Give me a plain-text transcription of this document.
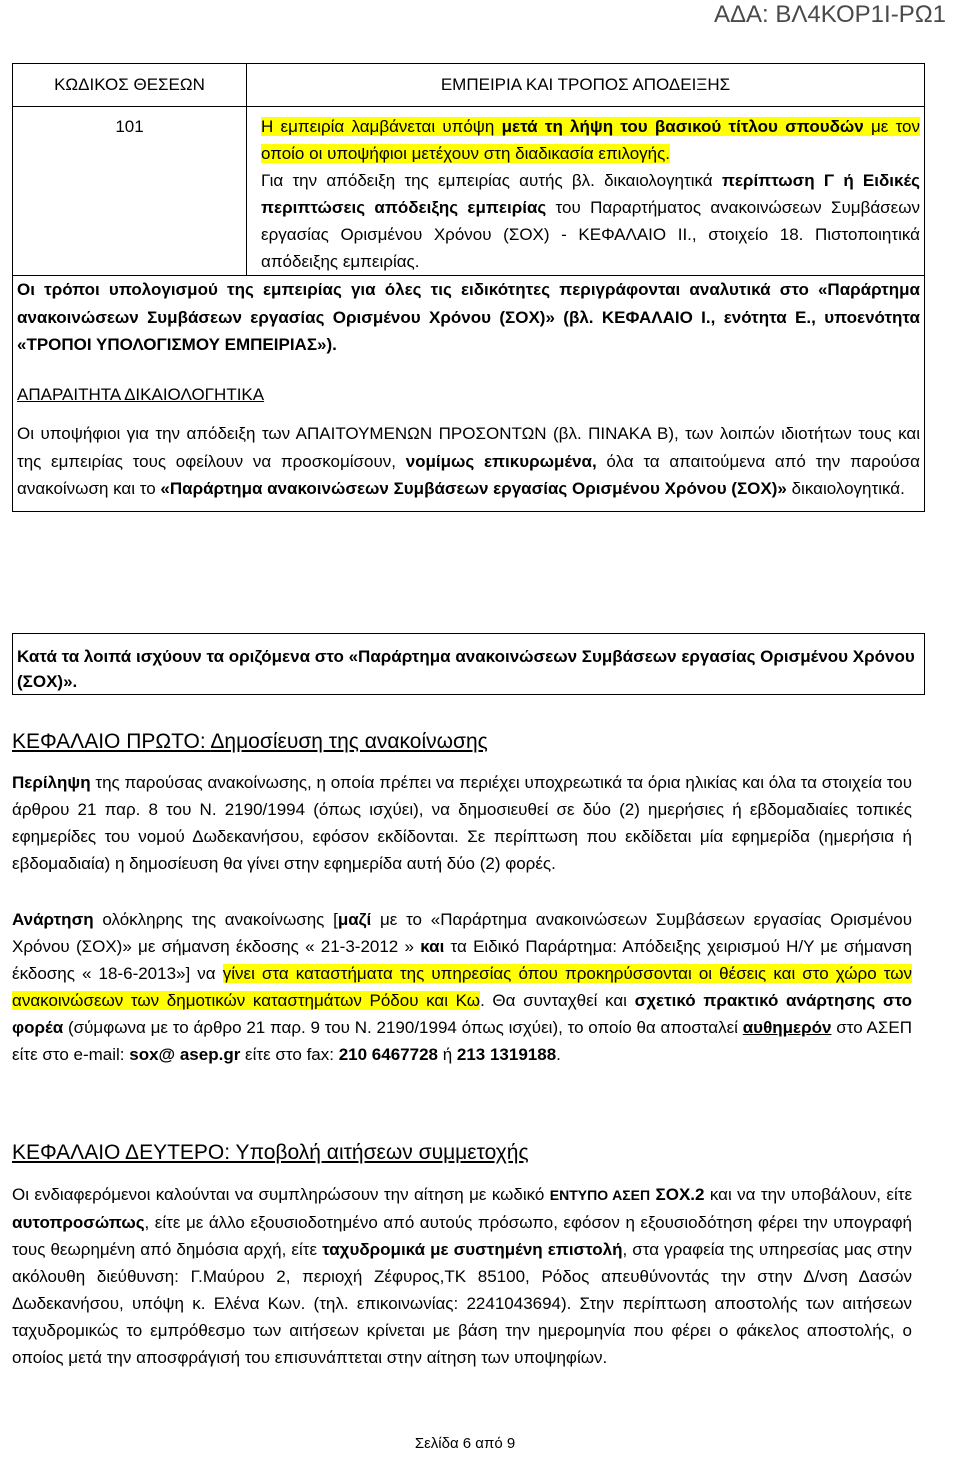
ΑΔΑ: ΒΛ4ΚΟΡ1Ι-ΡΩ1
ΚΩΔΙΚΟΣ ΘΕΣΕΩΝ	ΕΜΠΕΙΡΙΑ ΚΑΙ ΤΡΟΠΟΣ ΑΠΟΔΕΙΞΗΣ
101	Η εμπειρία λαμβάνεται υπόψη μετά τη λήψη του βασικού τίτλου σπουδών με τον οποίο οι υποψήφιοι μετέχουν στη διαδικασία επιλογής.

Για την απόδειξη της εμπειρίας αυτής βλ. δικαιολογητικά περίπτωση Γ ή Ειδικές περιπτώσεις απόδειξης εμπειρίας του Παραρτήματος ανακοινώσεων Συμβάσεων εργασίας Ορισμένου Χρόνου (ΣΟΧ) - ΚΕΦΑΛΑΙΟ ΙΙ., στοιχείο 18. Πιστοποιητικά απόδειξης εμπειρίας.

Οι τρόποι υπολογισμού της εμπειρίας για όλες τις ειδικότητες περιγράφονται αναλυτικά στο «Παράρτημα ανακοινώσεων Συμβάσεων εργασίας Ορισμένου Χρόνου (ΣΟΧ)» (βλ. ΚΕΦΑΛΑΙΟ Ι., ενότητα Ε., υποενότητα «ΤΡΟΠΟΙ ΥΠΟΛΟΓΙΣΜΟΥ ΕΜΠΕΙΡΙΑΣ»).

ΑΠΑΡΑΙΤΗΤΑ ΔΙΚΑΙΟΛΟΓΗΤΙΚΑ

Οι υποψήφιοι για την απόδειξη των ΑΠΑΙΤΟΥΜΕΝΩΝ ΠΡΟΣΟΝΤΩΝ (βλ. ΠΙΝΑΚΑ Β), των λοιπών ιδιοτήτων τους και της εμπειρίας τους οφείλουν να προσκομίσουν, νομίμως επικυρωμένα, όλα τα απαιτούμενα από την παρούσα ανακοίνωση και το «Παράρτημα ανακοινώσεων Συμβάσεων εργασίας Ορισμένου Χρόνου (ΣΟΧ)» δικαιολογητικά.	

Κατά τα λοιπά ισχύουν τα οριζόμενα στο «Παράρτημα ανακοινώσεων Συμβάσεων εργασίας Ορισμένου Χρόνου (ΣΟΧ)».
ΚΕΦΑΛΑΙΟ ΠΡΩΤΟ: Δημοσίευση της ανακοίνωσης
Περίληψη της παρούσας ανακοίνωσης, η οποία πρέπει να περιέχει υποχρεωτικά τα όρια ηλικίας και όλα τα στοιχεία του άρθρου 21 παρ. 8 του Ν. 2190/1994 (όπως ισχύει), να δημοσιευθεί σε δύο (2) ημερήσιες ή εβδομαδιαίες τοπικές εφημερίδες του νομού Δωδεκανήσου, εφόσον εκδίδονται. Σε περίπτωση που εκδίδεται μία εφημερίδα (ημερήσια ή εβδομαδιαία) η δημοσίευση θα γίνει στην εφημερίδα αυτή δύο (2) φορές.
Ανάρτηση ολόκληρης της ανακοίνωσης [μαζί με το «Παράρτημα ανακοινώσεων Συμβάσεων εργασίας Ορισμένου Χρόνου (ΣΟΧ)» με σήμανση έκδοσης « 21-3-2012 » και τα Ειδικό Παράρτημα: Απόδειξης χειρισμού Η/Υ με σήμανση έκδοσης « 18-6-2013»] να γίνει στα καταστήματα της υπηρεσίας όπου προκηρύσσονται οι θέσεις και στο χώρο των ανακοινώσεων των δημοτικών καταστημάτων Ρόδου και Κω. Θα συνταχθεί και σχετικό πρακτικό ανάρτησης στο φορέα (σύμφωνα με το άρθρο 21 παρ. 9 του Ν. 2190/1994 όπως ισχύει), το οποίο θα αποσταλεί αυθημερόν στο ΑΣΕΠ είτε στο e-mail: sox@ asep.gr είτε στο fax: 210 6467728 ή 213 1319188.
ΚΕΦΑΛΑΙΟ ΔΕΥΤΕΡΟ: Υποβολή αιτήσεων συμμετοχής
Οι ενδιαφερόμενοι καλούνται να συμπληρώσουν την αίτηση με κωδικό ΕΝΤΥΠΟ ΑΣΕΠ ΣΟΧ.2 και να την υποβάλουν, είτε αυτοπροσώπως, είτε με άλλο εξουσιοδοτημένο από αυτούς πρόσωπο, εφόσον η εξουσιοδότηση φέρει την υπογραφή τους θεωρημένη από δημόσια αρχή, είτε ταχυδρομικά με συστημένη επιστολή, στα γραφεία της υπηρεσίας μας στην ακόλουθη διεύθυνση: Γ.Μαύρου 2, περιοχή Ζέφυρος,ΤΚ 85100, Ρόδος απευθύνοντάς την στην Δ/νση Δασών Δωδεκανήσου, υπόψη κ. Ελένα Κων. (τηλ. επικοινωνίας: 2241043694). Στην περίπτωση αποστολής των αιτήσεων ταχυδρομικώς το εμπρόθεσμο των αιτήσεων κρίνεται με βάση την ημερομηνία που φέρει ο φάκελος αποστολής, ο οποίος μετά την αποσφράγισή του επισυνάπτεται στην αίτηση των υποψηφίων.
Σελίδα 6 από 9
